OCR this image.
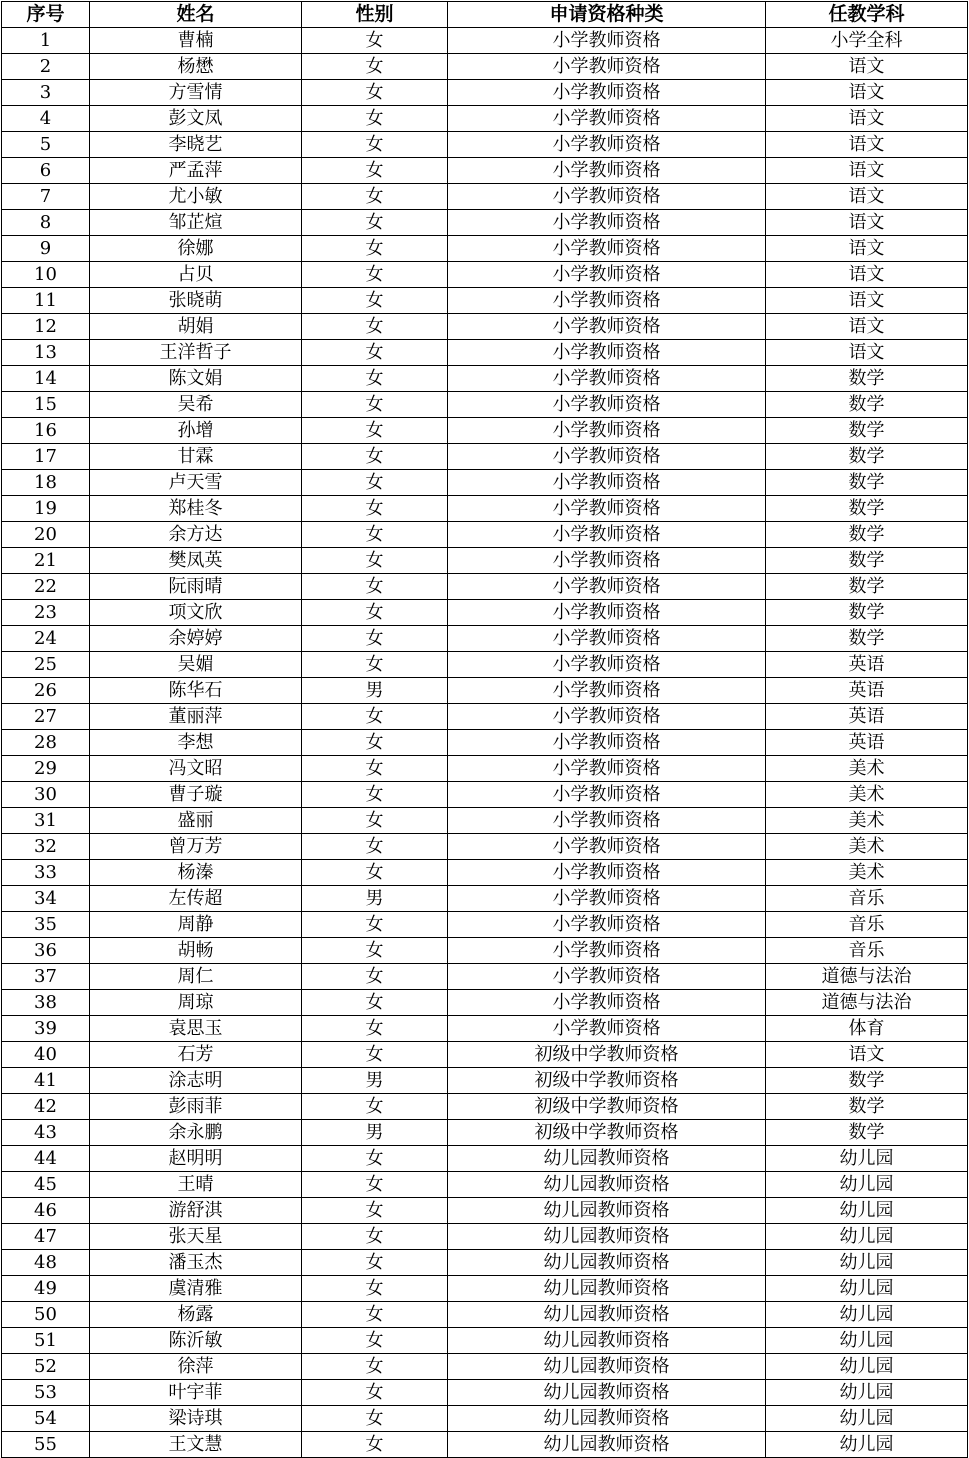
序号	姓名	性别	申请资格种类	任教学科
1	曹楠	女	小学教师资格	小学全科
2	杨懋	女	小学教师资格	语文
3	方雪情	女	小学教师资格	语文
4	彭文凤	女	小学教师资格	语文
5	李晓艺	女	小学教师资格	语文
6	严孟萍	女	小学教师资格	语文
7	尤小敏	女	小学教师资格	语文
8	邹芷煊	女	小学教师资格	语文
9	徐娜	女	小学教师资格	语文
10	占贝	女	小学教师资格	语文
11	张晓萌	女	小学教师资格	语文
12	胡娟	女	小学教师资格	语文
13	王洋哲子	女	小学教师资格	语文
14	陈文娟	女	小学教师资格	数学
15	吴希	女	小学教师资格	数学
16	孙增	女	小学教师资格	数学
17	甘霖	女	小学教师资格	数学
18	卢天雪	女	小学教师资格	数学
19	郑桂冬	女	小学教师资格	数学
20	余方达	女	小学教师资格	数学
21	樊凤英	女	小学教师资格	数学
22	阮雨晴	女	小学教师资格	数学
23	项文欣	女	小学教师资格	数学
24	余婷婷	女	小学教师资格	数学
25	吴媚	女	小学教师资格	英语
26	陈华石	男	小学教师资格	英语
27	董丽萍	女	小学教师资格	英语
28	李想	女	小学教师资格	英语
29	冯文昭	女	小学教师资格	美术
30	曹子璇	女	小学教师资格	美术
31	盛丽	女	小学教师资格	美术
32	曾万芳	女	小学教师资格	美术
33	杨溱	女	小学教师资格	美术
34	左传超	男	小学教师资格	音乐
35	周静	女	小学教师资格	音乐
36	胡畅	女	小学教师资格	音乐
37	周仁	女	小学教师资格	道德与法治
38	周琼	女	小学教师资格	道德与法治
39	袁思玉	女	小学教师资格	体育
40	石芳	女	初级中学教师资格	语文
41	涂志明	男	初级中学教师资格	数学
42	彭雨菲	女	初级中学教师资格	数学
43	余永鹏	男	初级中学教师资格	数学
44	赵明明	女	幼儿园教师资格	幼儿园
45	王晴	女	幼儿园教师资格	幼儿园
46	游舒淇	女	幼儿园教师资格	幼儿园
47	张天星	女	幼儿园教师资格	幼儿园
48	潘玉杰	女	幼儿园教师资格	幼儿园
49	虞清雅	女	幼儿园教师资格	幼儿园
50	杨露	女	幼儿园教师资格	幼儿园
51	陈沂敏	女	幼儿园教师资格	幼儿园
52	徐萍	女	幼儿园教师资格	幼儿园
53	叶宇菲	女	幼儿园教师资格	幼儿园
54	梁诗琪	女	幼儿园教师资格	幼儿园
55	王文慧	女	幼儿园教师资格	幼儿园
